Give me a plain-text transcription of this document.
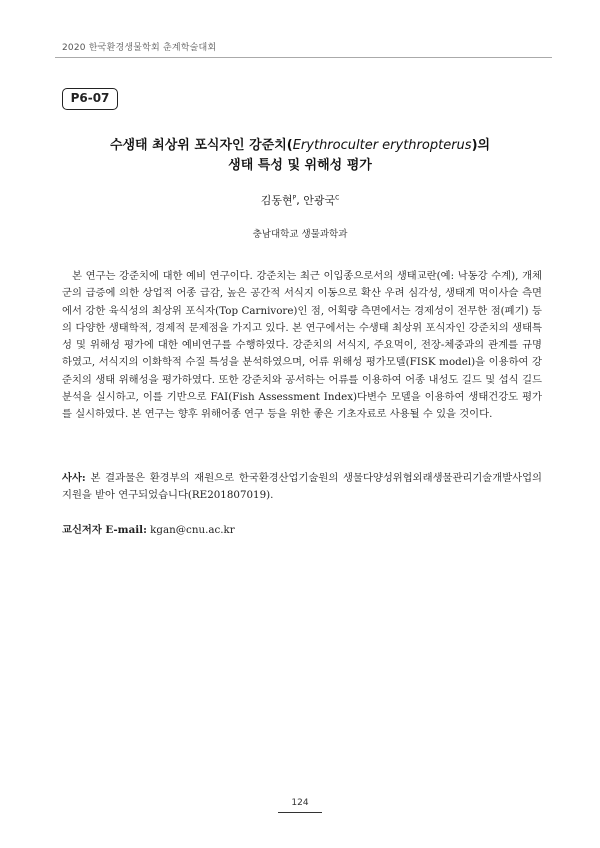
2020 한국환경생물학회 춘계학술대회
P6-07
수생태 최상위 포식자인 강준치(Erythroculter erythropterus)의
생태 특성 및 위해성 평가
김동현$^P$, 안광국$^C$
충남대학교 생물과학과

본 연구는 강준치에 대한 예비 연구이다. 강준치는 최근 이입종으로서의 생태교란(예: 낙동강 수계), 개체군의 급증에 의한 상업적 어종 급감, 높은 공간적 서식지 이동으로 확산 우려 심각성, 생태계 먹이사슬 측면에서 강한 육식성의 최상위 포식자(Top Carnivore)인 점, 어획량 측면에서는 경제성이 전무한 점(폐기) 등의 다양한 생태학적, 경제적 문제점을 가지고 있다. 본 연구에서는 수생태 최상위 포식자인 강준치의 생태특성 및 위해성 평가에 대한 예비연구를 수행하였다. 강준치의 서식지, 주요먹이, 전장-체중과의 관계를 규명하였고, 서식지의 이화학적 수질 특성을 분석하였으며, 어류 위해성 평가모델(FISK model)을 이용하여 강준치의 생태 위해성을 평가하였다. 또한 강준치와 공서하는 어류를 이용하여 어종 내성도 길드 및 섭식 길드 분석을 실시하고, 이를 기반으로 FAI(Fish Assessment Index)다변수 모델을 이용하여 생태건강도 평가를 실시하였다. 본 연구는 향후 위해어종 연구 등을 위한 좋은 기초자료로 사용될 수 있을 것이다.

사사: 본 결과물은 환경부의 재원으로 한국환경산업기술원의 생물다양성위협외래생물관리기술개발사업의 지원을 받아 연구되었습니다(RE201807019).

교신저자 E-mail: kgan@cnu.ac.kr

124
